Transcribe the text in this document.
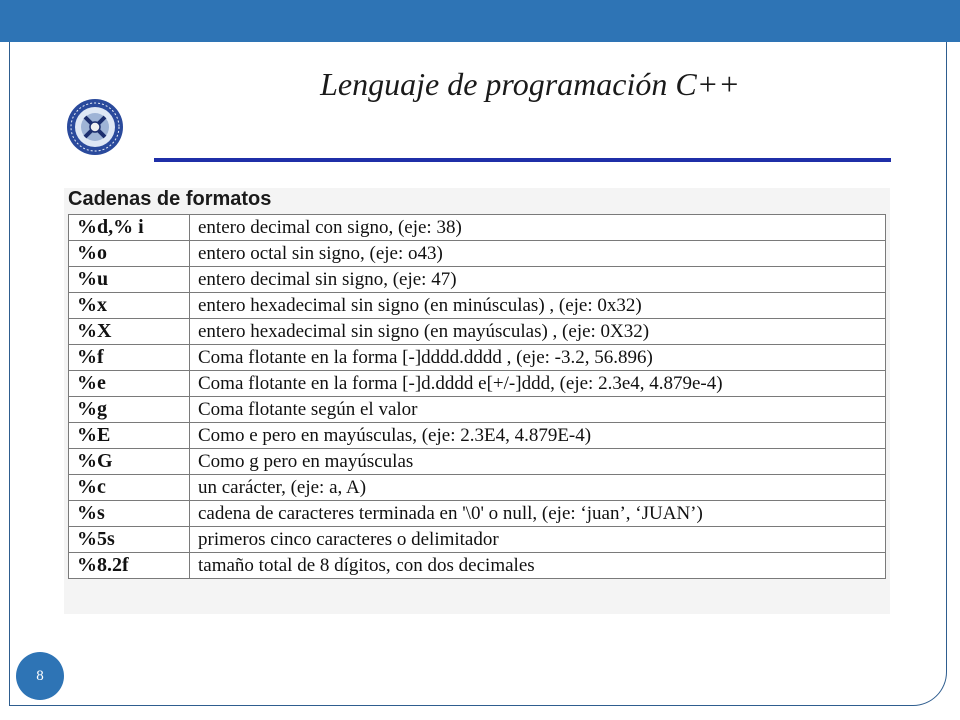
Lenguaje de programación C++
Cadenas de formatos
%d,% i	entero decimal con signo, (eje: 38)
%o	entero octal sin signo, (eje: o43)
%u	entero decimal sin signo, (eje: 47)
%x	entero hexadecimal sin signo (en minúsculas) , (eje: 0x32)
%X	entero hexadecimal sin signo (en mayúsculas) , (eje: 0X32)
%f	Coma flotante en la forma [-]dddd.dddd , (eje: -3.2, 56.896)
%e	Coma flotante en la forma [-]d.dddd e[+/-]ddd, (eje: 2.3e4, 4.879e-4)
%g	Coma flotante según el valor
%E	Como e pero en mayúsculas, (eje: 2.3E4, 4.879E-4)
%G	Como g pero en mayúsculas
%c	un carácter, (eje: a, A)
%s	cadena de caracteres terminada en '\0' o null, (eje: ‘juan’, ‘JUAN’)
%5s	primeros cinco caracteres o delimitador
%8.2f	tamaño total de 8 dígitos, con dos decimales
8
